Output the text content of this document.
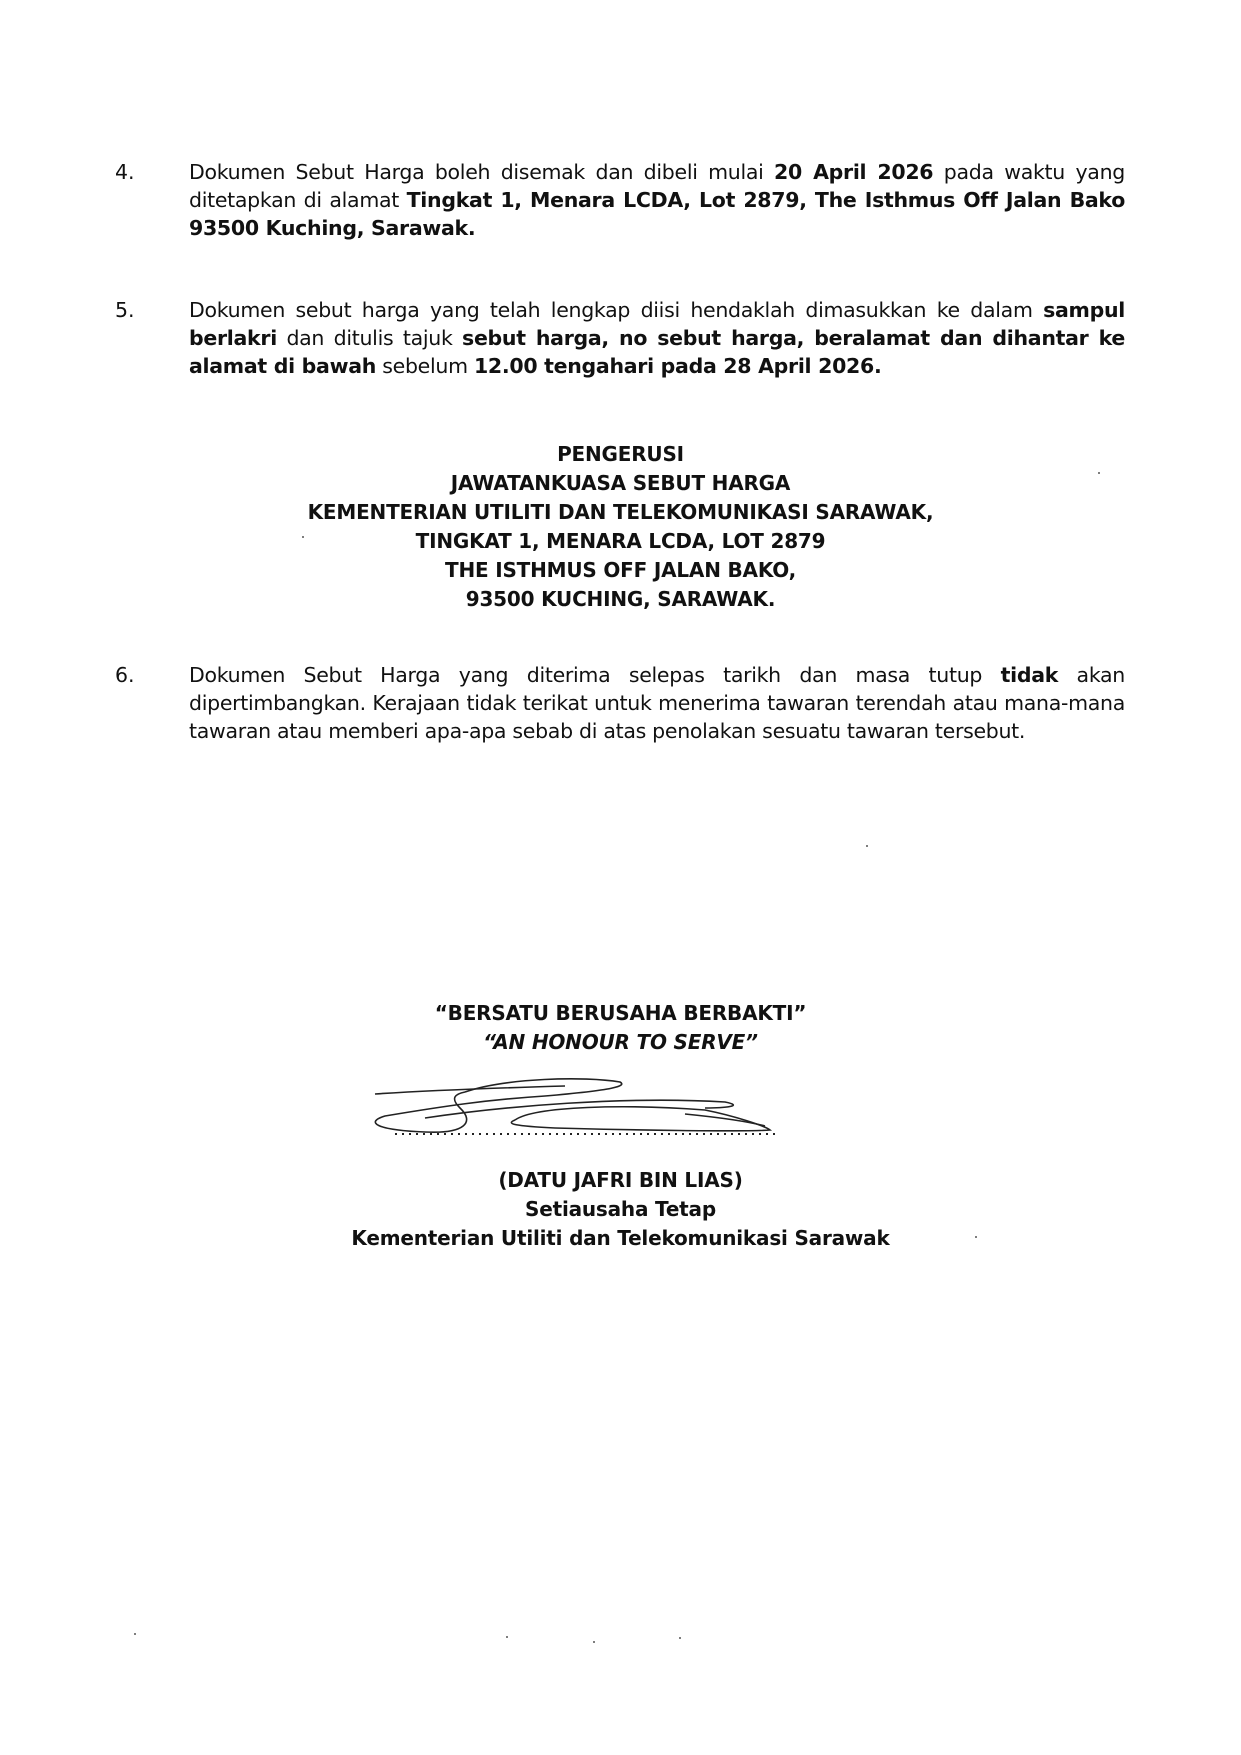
4.	Dokumen Sebut Harga boleh disemak dan dibeli mulai 20 April 2026 pada waktu yang ditetapkan di alamat Tingkat 1, Menara LCDA, Lot 2879, The Isthmus Off Jalan Bako 93500 Kuching, Sarawak.
5.	Dokumen sebut harga yang telah lengkap diisi hendaklah dimasukkan ke dalam sampul berlakri dan ditulis tajuk sebut harga, no sebut harga, beralamat dan dihantar ke alamat di bawah sebelum 12.00 tengahari pada 28 April 2026.
PENGERUSI
JAWATANKUASA SEBUT HARGA
KEMENTERIAN UTILITI DAN TELEKOMUNIKASI SARAWAK,
TINGKAT 1, MENARA LCDA, LOT 2879
THE ISTHMUS OFF JALAN BAKO,
93500 KUCHING, SARAWAK.
6.	Dokumen Sebut Harga yang diterima selepas tarikh dan masa tutup tidak akan dipertimbangkan. Kerajaan tidak terikat untuk menerima tawaran terendah atau mana-mana tawaran atau memberi apa-apa sebab di atas penolakan sesuatu tawaran tersebut.
“BERSATU BERUSAHA BERBAKTI”
“AN HONOUR TO SERVE”
(DATU JAFRI BIN LIAS)
Setiausaha Tetap
Kementerian Utiliti dan Telekomunikasi Sarawak
